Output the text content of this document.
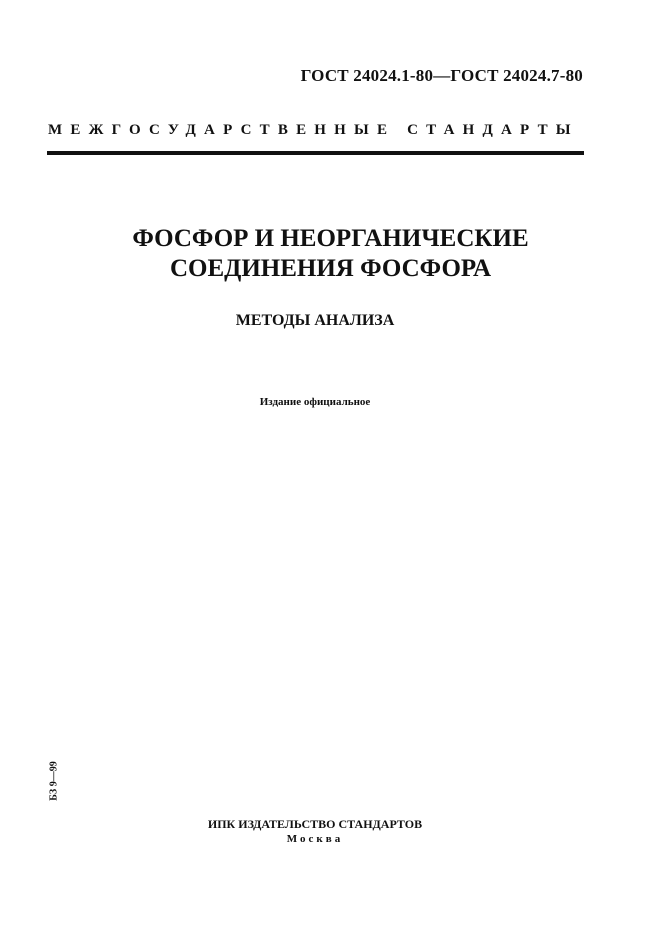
ГОСТ 24024.1-80—ГОСТ 24024.7-80
МЕЖГОСУДАРСТВЕННЫЕ СТАНДАРТЫ
ФОСФОР И НЕОРГАНИЧЕСКИЕ
СОЕДИНЕНИЯ ФОСФОРА
МЕТОДЫ АНАЛИЗА
Издание официальное
БЗ 9—99
ИПК ИЗДАТЕЛЬСТВО СТАНДАРТОВ
Москва
